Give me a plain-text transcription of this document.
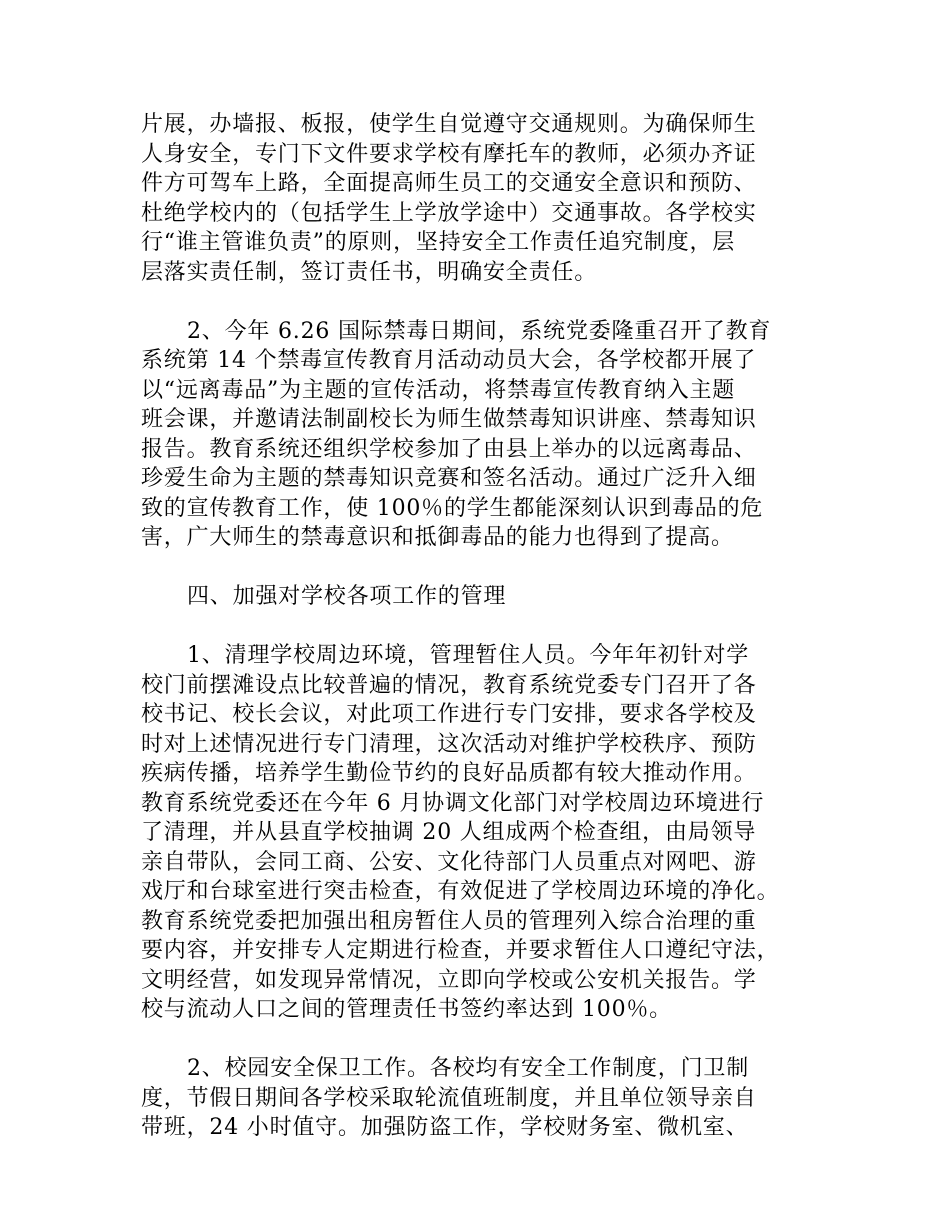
片展，办墙报、板报，使学生自觉遵守交通规则。为确保师生
人身安全，专门下文件要求学校有摩托车的教师，必须办齐证
件方可驾车上路，全面提高师生员工的交通安全意识和预防、
杜绝学校内的（包括学生上学放学途中）交通事故。各学校实
行“谁主管谁负责”的原则，坚持安全工作责任追究制度，层
层落实责任制，签订责任书，明确安全责任。
2、今年 6.26 国际禁毒日期间，系统党委隆重召开了教育
系统第 14 个禁毒宣传教育月活动动员大会，各学校都开展了
以“远离毒品”为主题的宣传活动，将禁毒宣传教育纳入主题
班会课，并邀请法制副校长为师生做禁毒知识讲座、禁毒知识
报告。教育系统还组织学校参加了由县上举办的以远离毒品、
珍爱生命为主题的禁毒知识竞赛和签名活动。通过广泛升入细
致的宣传教育工作，使 100％的学生都能深刻认识到毒品的危
害，广大师生的禁毒意识和抵御毒品的能力也得到了提高。
四、加强对学校各项工作的管理
1、清理学校周边环境，管理暂住人员。今年年初针对学
校门前摆滩设点比较普遍的情况，教育系统党委专门召开了各
校书记、校长会议，对此项工作进行专门安排，要求各学校及
时对上述情况进行专门清理，这次活动对维护学校秩序、预防
疾病传播，培养学生勤俭节约的良好品质都有较大推动作用。
教育系统党委还在今年 6 月协调文化部门对学校周边环境进行
了清理，并从县直学校抽调 20 人组成两个检查组，由局领导
亲自带队，会同工商、公安、文化待部门人员重点对网吧、游
戏厅和台球室进行突击检查，有效促进了学校周边环境的净化。
教育系统党委把加强出租房暂住人员的管理列入综合治理的重
要内容，并安排专人定期进行检查，并要求暂住人口遵纪守法，
文明经营，如发现异常情况，立即向学校或公安机关报告。学
校与流动人口之间的管理责任书签约率达到 100％。
2、校园安全保卫工作。各校均有安全工作制度，门卫制
度，节假日期间各学校采取轮流值班制度，并且单位领导亲自
带班，24 小时值守。加强防盗工作，学校财务室、微机室、
